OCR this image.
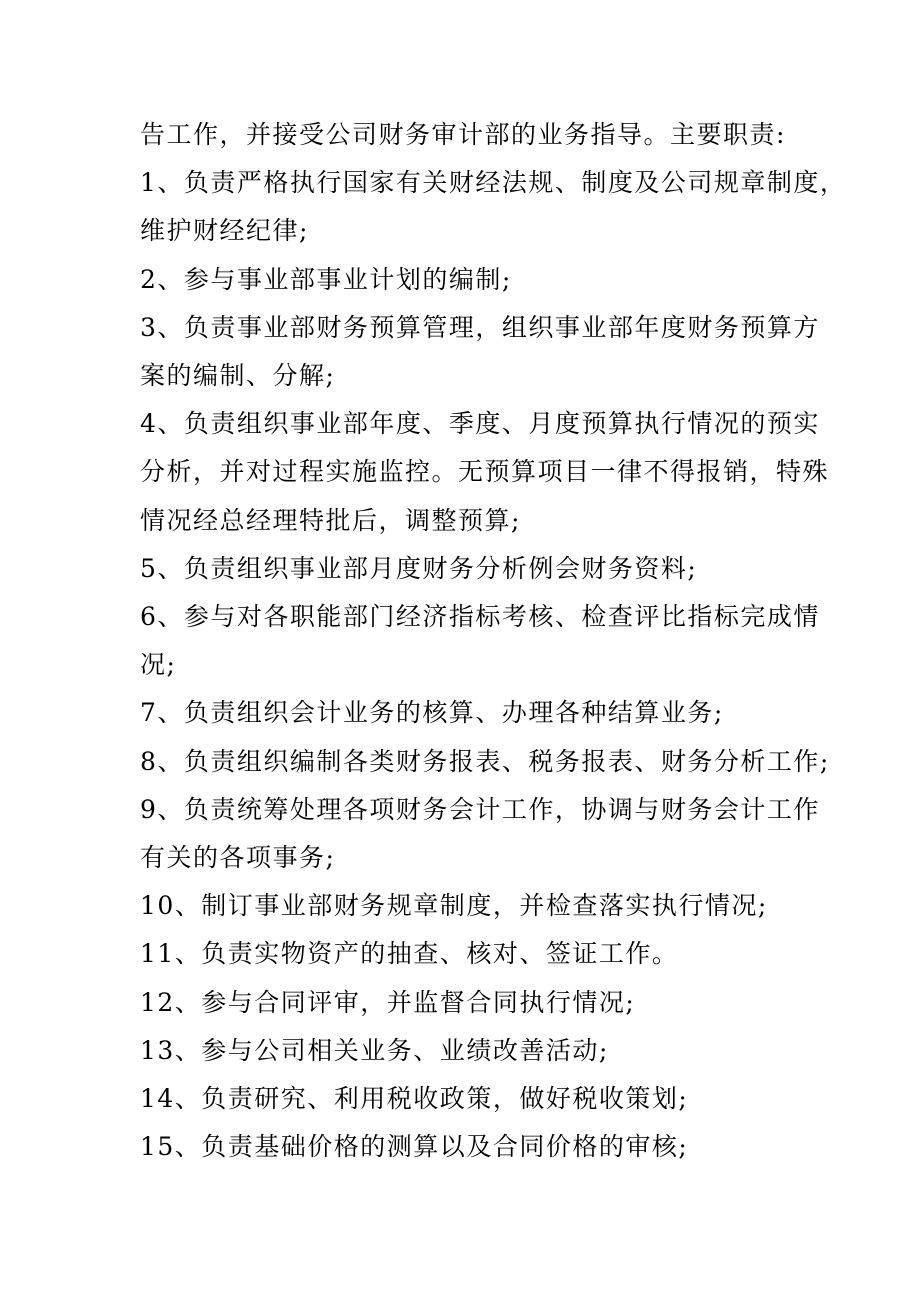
告工作，并接受公司财务审计部的业务指导。主要职责:

1、负责严格执行国家有关财经法规、制度及公司规章制度，

维护财经纪律;

2、参与事业部事业计划的编制;

3、负责事业部财务预算管理，组织事业部年度财务预算方

案的编制、分解;

4、负责组织事业部年度、季度、月度预算执行情况的预实

分析，并对过程实施监控。无预算项目一律不得报销，特殊

情况经总经理特批后，调整预算;

5、负责组织事业部月度财务分析例会财务资料;

6、参与对各职能部门经济指标考核、检查评比指标完成情

况;

7、负责组织会计业务的核算、办理各种结算业务;

8、负责组织编制各类财务报表、税务报表、财务分析工作;

9、负责统筹处理各项财务会计工作，协调与财务会计工作

有关的各项事务;

10、制订事业部财务规章制度，并检查落实执行情况;

11、负责实物资产的抽查、核对、签证工作。

12、参与合同评审，并监督合同执行情况;

13、参与公司相关业务、业绩改善活动;

14、负责研究、利用税收政策，做好税收策划;

15、负责基础价格的测算以及合同价格的审核;
